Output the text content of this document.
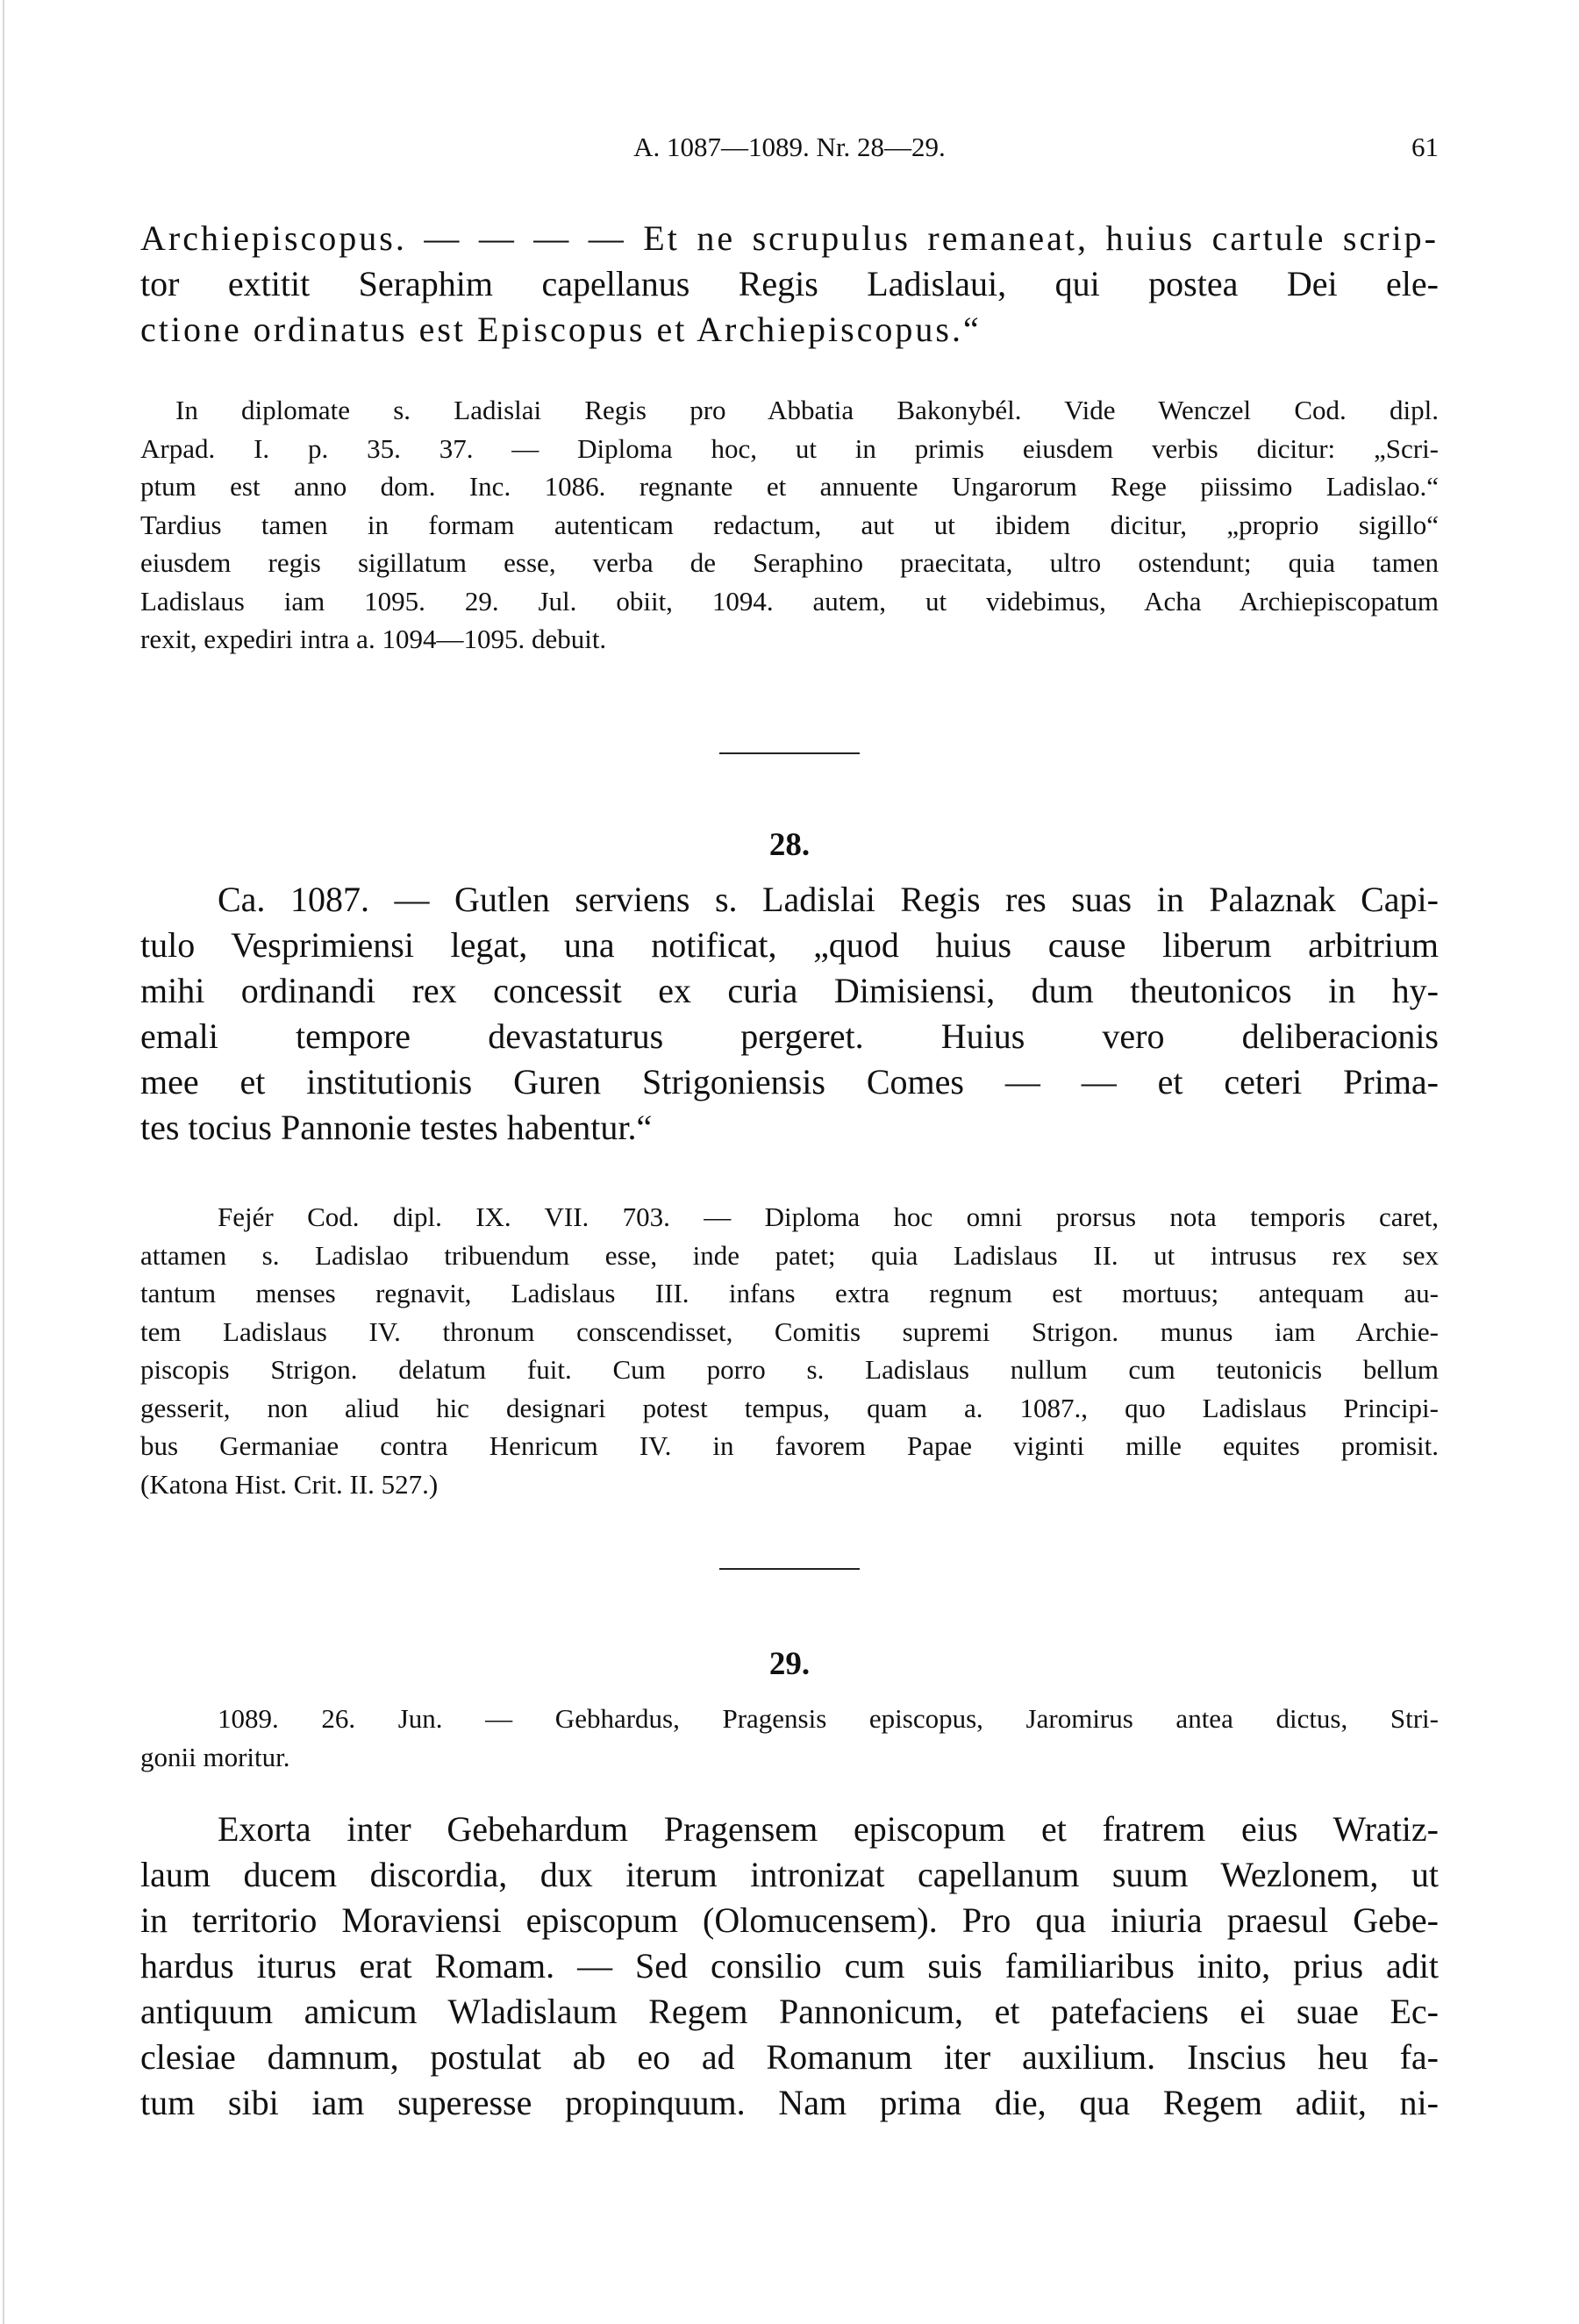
A. 1087—1089. Nr. 28—29.	61
Archiepiscopus. — — — — Et ne scrupulus remaneat, huius cartule scrip-
tor extitit Seraphim capellanus Regis Ladislaui, qui postea Dei ele-
ctione ordinatus est Episcopus et Archiepiscopus.“
In diplomate s. Ladislai Regis pro Abbatia Bakonybél. Vide Wenczel Cod. dipl.
Arpad. I. p. 35. 37. — Diploma hoc, ut in primis eiusdem verbis dicitur: „Scri-
ptum est anno dom. Inc. 1086. regnante et annuente Ungarorum Rege piissimo Ladislao.“
Tardius tamen in formam autenticam redactum, aut ut ibidem dicitur, „proprio sigillo“
eiusdem regis sigillatum esse, verba de Seraphino praecitata, ultro ostendunt; quia tamen
Ladislaus iam 1095. 29. Jul. obiit, 1094. autem, ut videbimus, Acha Archiepiscopatum
rexit, expediri intra a. 1094—1095. debuit.
28.
Ca. 1087. — Gutlen serviens s. Ladislai Regis res suas in Palaznak Capi-
tulo Vesprimiensi legat, una notificat, „quod huius cause liberum arbitrium
mihi ordinandi rex concessit ex curia Dimisiensi, dum theutonicos in hy-
emali tempore devastaturus pergeret. Huius vero deliberacionis
mee et institutionis Guren Strigoniensis Comes — — et ceteri Prima-
tes tocius Pannonie testes habentur.“
Fejér Cod. dipl. IX. VII. 703. — Diploma hoc omni prorsus nota temporis caret,
attamen s. Ladislao tribuendum esse, inde patet; quia Ladislaus II. ut intrusus rex sex
tantum menses regnavit, Ladislaus III. infans extra regnum est mortuus; antequam au-
tem Ladislaus IV. thronum conscendisset, Comitis supremi Strigon. munus iam Archie-
piscopis Strigon. delatum fuit. Cum porro s. Ladislaus nullum cum teutonicis bellum
gesserit, non aliud hic designari potest tempus, quam a. 1087., quo Ladislaus Principi-
bus Germaniae contra Henricum IV. in favorem Papae viginti mille equites promisit.
(Katona Hist. Crit. II. 527.)
29.
1089. 26. Jun. — Gebhardus, Pragensis episcopus, Jaromirus antea dictus, Stri-
gonii moritur.
Exorta inter Gebehardum Pragensem episcopum et fratrem eius Wratiz-
laum ducem discordia, dux iterum intronizat capellanum suum Wezlonem, ut
in territorio Moraviensi episcopum (Olomucensem). Pro qua iniuria praesul Gebe-
hardus iturus erat Romam. — Sed consilio cum suis familiaribus inito, prius adit
antiquum amicum Wladislaum Regem Pannonicum, et patefaciens ei suae Ec-
clesiae damnum, postulat ab eo ad Romanum iter auxilium. Inscius heu fa-
tum sibi iam superesse propinquum. Nam prima die, qua Regem adiit, ni-
